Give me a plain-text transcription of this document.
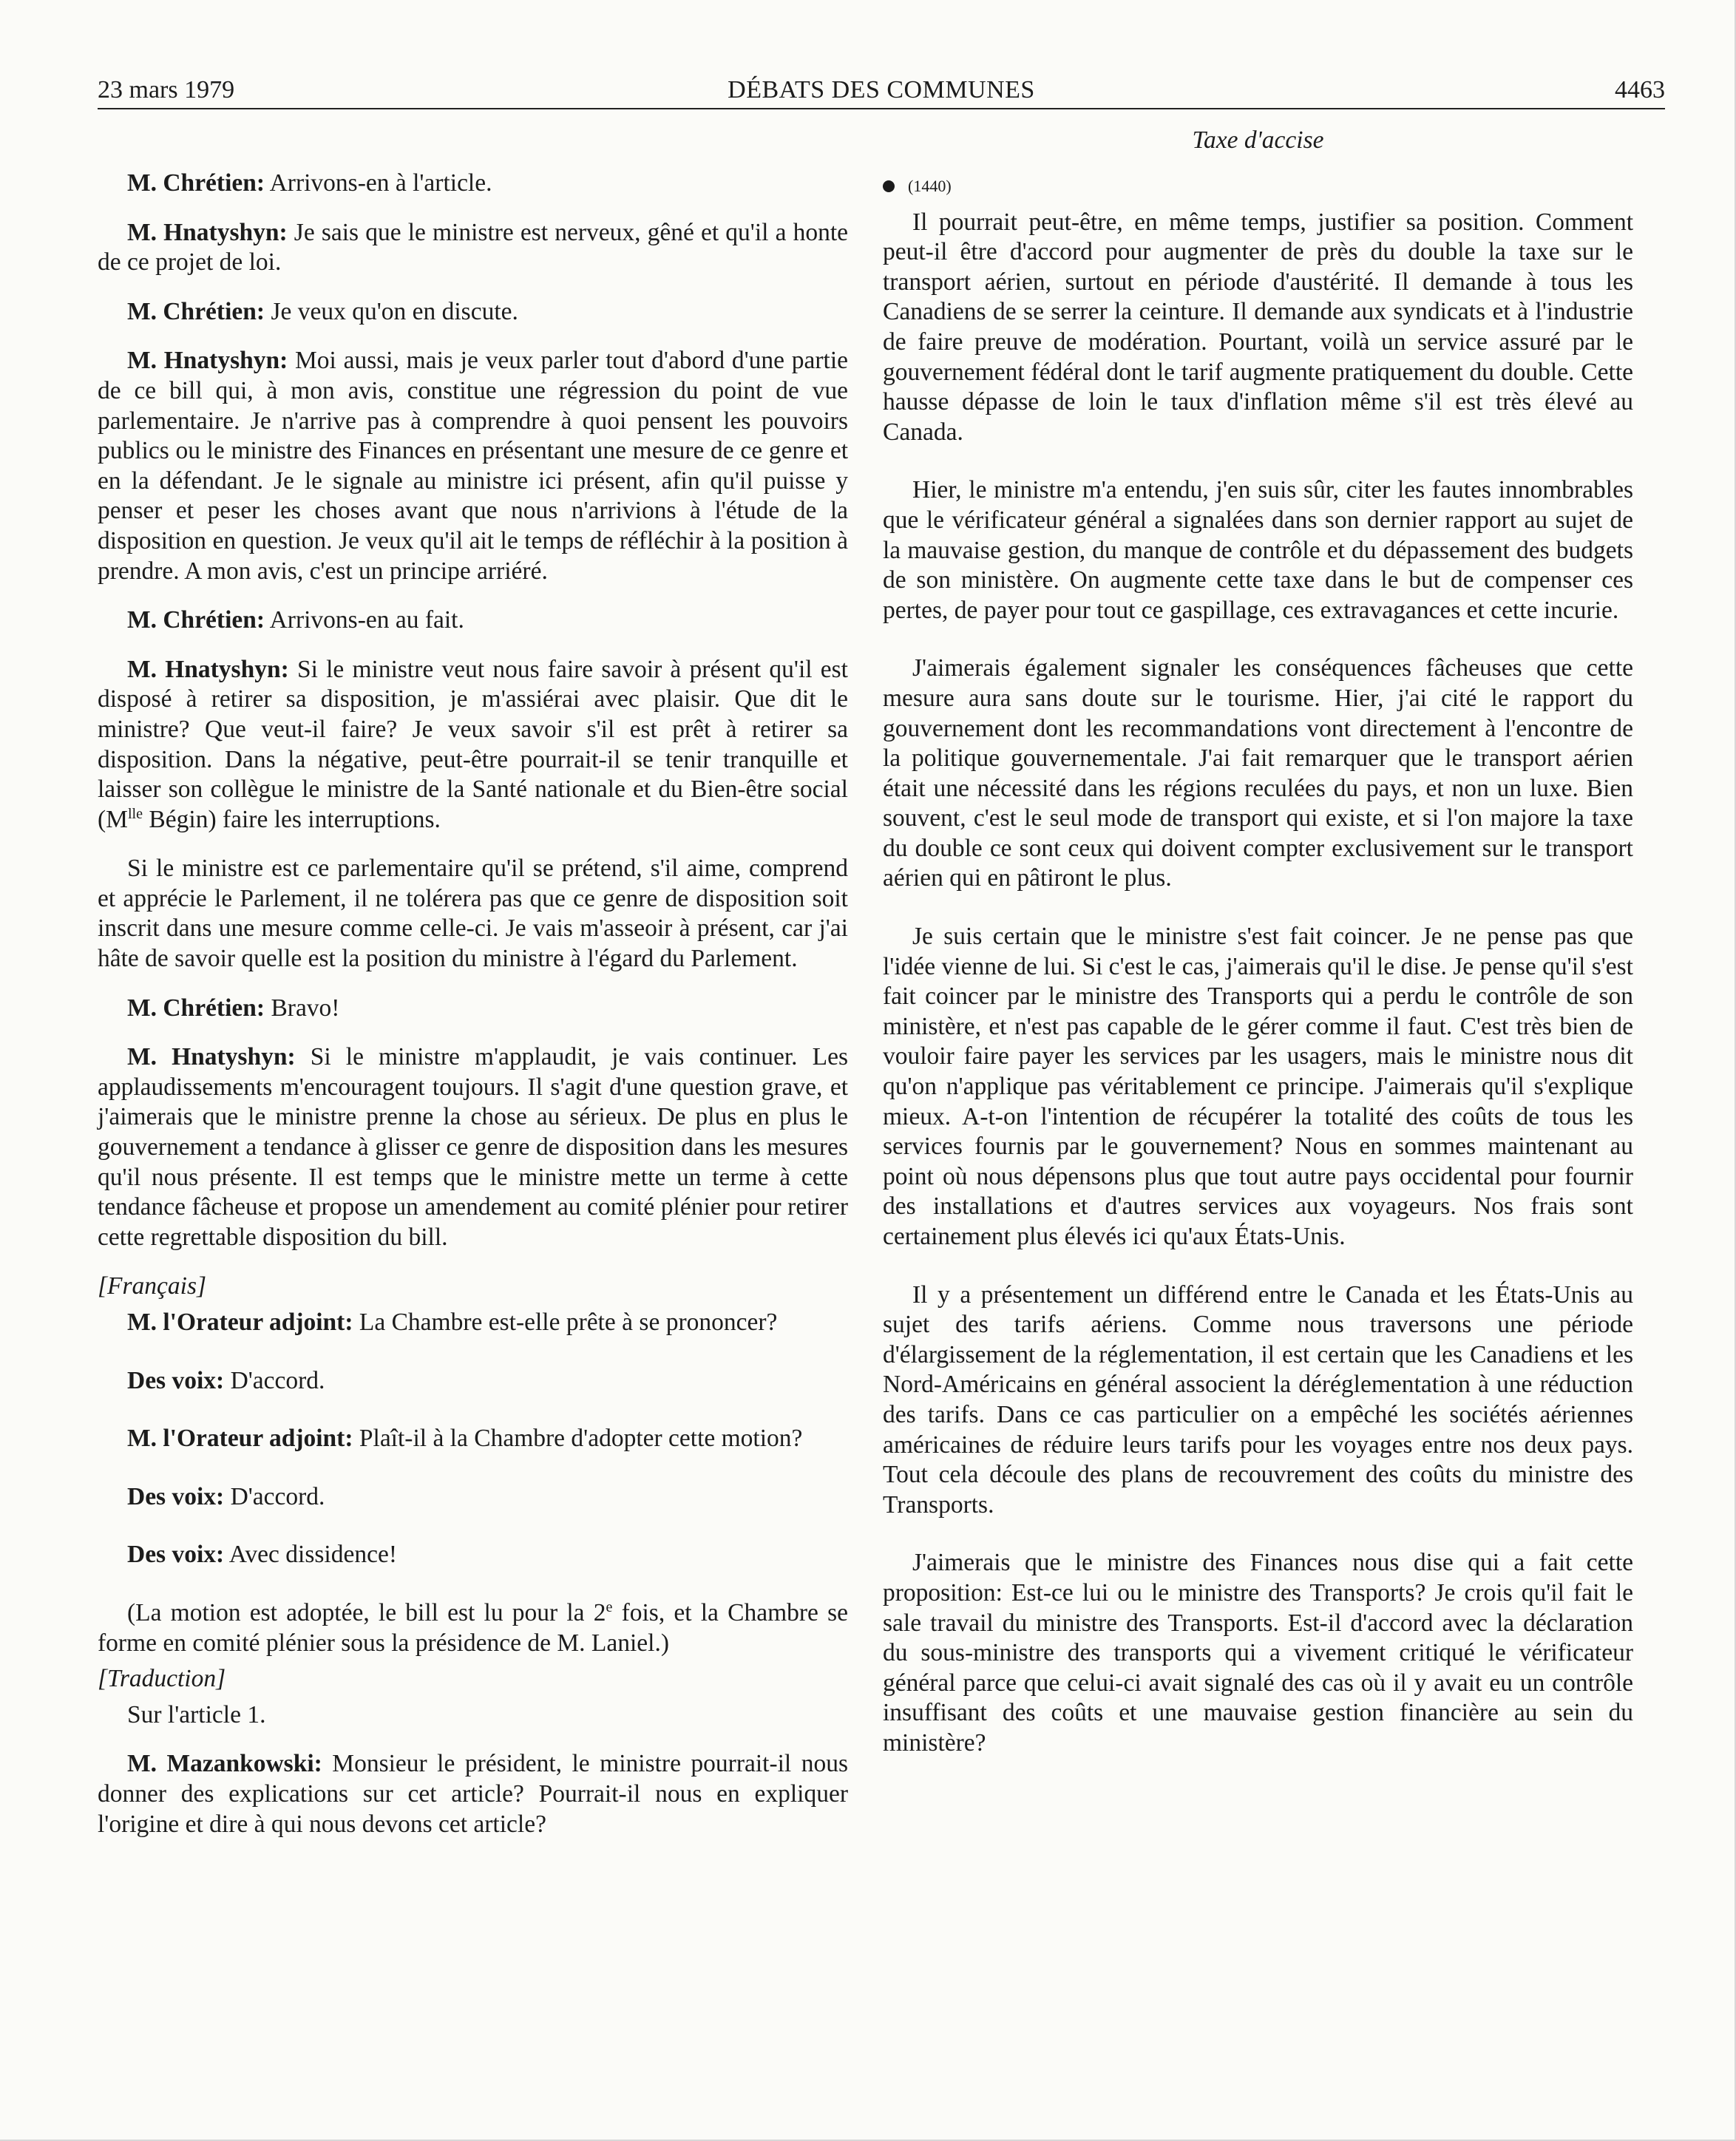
23 mars 1979	DÉBATS DES COMMUNES	4463

M. Chrétien: Arrivons-en à l'article.

M. Hnatyshyn: Je sais que le ministre est nerveux, gêné et qu'il a honte de ce projet de loi.

M. Chrétien: Je veux qu'on en discute.

M. Hnatyshyn: Moi aussi, mais je veux parler tout d'abord d'une partie de ce bill qui, à mon avis, constitue une régression du point de vue parlementaire. Je n'arrive pas à comprendre à quoi pensent les pouvoirs publics ou le ministre des Finances en présentant une mesure de ce genre et en la défendant. Je le signale au ministre ici présent, afin qu'il puisse y penser et peser les choses avant que nous n'arrivions à l'étude de la disposition en question. Je veux qu'il ait le temps de réfléchir à la position à prendre. A mon avis, c'est un principe arriéré.

M. Chrétien: Arrivons-en au fait.

M. Hnatyshyn: Si le ministre veut nous faire savoir à présent qu'il est disposé à retirer sa disposition, je m'assiérai avec plaisir. Que dit le ministre? Que veut-il faire? Je veux savoir s'il est prêt à retirer sa disposition. Dans la négative, peut-être pourrait-il se tenir tranquille et laisser son collègue le ministre de la Santé nationale et du Bien-être social ($M^{lle}$ Bégin) faire les interruptions.

Si le ministre est ce parlementaire qu'il se prétend, s'il aime, comprend et apprécie le Parlement, il ne tolérera pas que ce genre de disposition soit inscrit dans une mesure comme celle-ci. Je vais m'asseoir à présent, car j'ai hâte de savoir quelle est la position du ministre à l'égard du Parlement.

M. Chrétien: Bravo!

M. Hnatyshyn: Si le ministre m'applaudit, je vais continuer. Les applaudissements m'encouragent toujours. Il s'agit d'une question grave, et j'aimerais que le ministre prenne la chose au sérieux. De plus en plus le gouvernement a tendance à glisser ce genre de disposition dans les mesures qu'il nous présente. Il est temps que le ministre mette un terme à cette tendance fâcheuse et propose un amendement au comité plénier pour retirer cette regrettable disposition du bill.

[Français]

M. l'Orateur adjoint: La Chambre est-elle prête à se prononcer?

Des voix: D'accord.

M. l'Orateur adjoint: Plaît-il à la Chambre d'adopter cette motion?

Des voix: D'accord.

Des voix: Avec dissidence!

(La motion est adoptée, le bill est lu pour la 2e fois, et la Chambre se forme en comité plénier sous la présidence de M. Laniel.)

[Traduction]

Sur l'article 1.

M. Mazankowski: Monsieur le président, le ministre pourrait-il nous donner des explications sur cet article? Pourrait-il nous en expliquer l'origine et dire à qui nous devons cet article?

Taxe d'accise

(1440)

Il pourrait peut-être, en même temps, justifier sa position. Comment peut-il être d'accord pour augmenter de près du double la taxe sur le transport aérien, surtout en période d'austérité. Il demande à tous les Canadiens de se serrer la ceinture. Il demande aux syndicats et à l'industrie de faire preuve de modération. Pourtant, voilà un service assuré par le gouvernement fédéral dont le tarif augmente pratiquement du double. Cette hausse dépasse de loin le taux d'inflation même s'il est très élevé au Canada.

Hier, le ministre m'a entendu, j'en suis sûr, citer les fautes innombrables que le vérificateur général a signalées dans son dernier rapport au sujet de la mauvaise gestion, du manque de contrôle et du dépassement des budgets de son ministère. On augmente cette taxe dans le but de compenser ces pertes, de payer pour tout ce gaspillage, ces extravagances et cette incurie.

J'aimerais également signaler les conséquences fâcheuses que cette mesure aura sans doute sur le tourisme. Hier, j'ai cité le rapport du gouvernement dont les recommandations vont directement à l'encontre de la politique gouvernementale. J'ai fait remarquer que le transport aérien était une nécessité dans les régions reculées du pays, et non un luxe. Bien souvent, c'est le seul mode de transport qui existe, et si l'on majore la taxe du double ce sont ceux qui doivent compter exclusivement sur le transport aérien qui en pâtiront le plus.

Je suis certain que le ministre s'est fait coincer. Je ne pense pas que l'idée vienne de lui. Si c'est le cas, j'aimerais qu'il le dise. Je pense qu'il s'est fait coincer par le ministre des Transports qui a perdu le contrôle de son ministère, et n'est pas capable de le gérer comme il faut. C'est très bien de vouloir faire payer les services par les usagers, mais le ministre nous dit qu'on n'applique pas véritablement ce principe. J'aimerais qu'il s'explique mieux. A-t-on l'intention de récupérer la totalité des coûts de tous les services fournis par le gouvernement? Nous en sommes maintenant au point où nous dépensons plus que tout autre pays occidental pour fournir des installations et d'autres services aux voyageurs. Nos frais sont certainement plus élevés ici qu'aux États-Unis.

Il y a présentement un différend entre le Canada et les États-Unis au sujet des tarifs aériens. Comme nous traversons une période d'élargissement de la réglementation, il est certain que les Canadiens et les Nord-Américains en général associent la déréglementation à une réduction des tarifs. Dans ce cas particulier on a empêché les sociétés aériennes américaines de réduire leurs tarifs pour les voyages entre nos deux pays. Tout cela découle des plans de recouvrement des coûts du ministre des Transports.

J'aimerais que le ministre des Finances nous dise qui a fait cette proposition: Est-ce lui ou le ministre des Transports? Je crois qu'il fait le sale travail du ministre des Transports. Est-il d'accord avec la déclaration du sous-ministre des transports qui a vivement critiqué le vérificateur général parce que celui-ci avait signalé des cas où il y avait eu un contrôle insuffisant des coûts et une mauvaise gestion financière au sein du ministère?
